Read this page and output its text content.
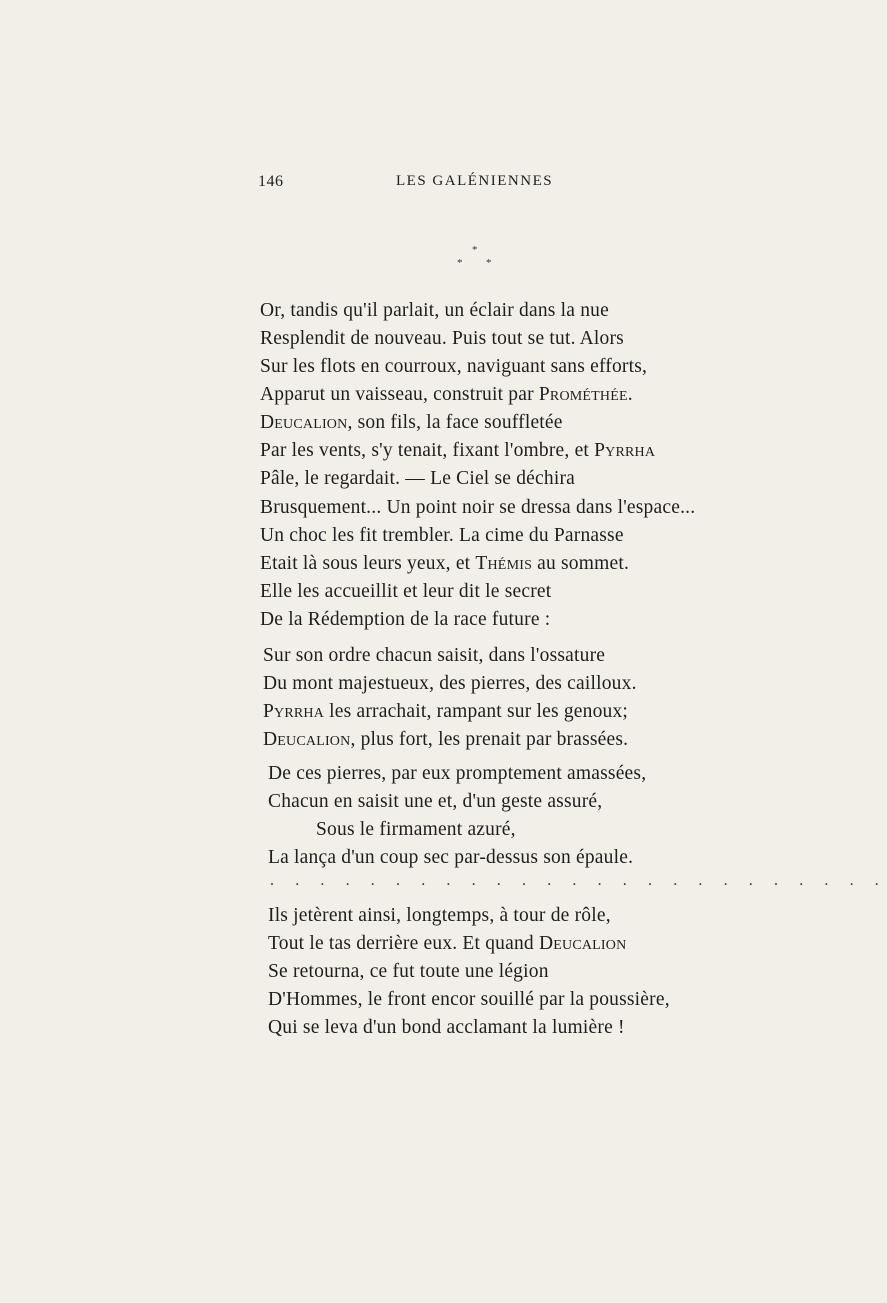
146	LES GALÉNIENNES
*
* *
Or, tandis qu'il parlait, un éclair dans la nue
Resplendit de nouveau. Puis tout se tut. Alors
Sur les flots en courroux, naviguant sans efforts,
Apparut un vaisseau, construit par Prométhée.
Deucalion, son fils, la face souffletée
Par les vents, s'y tenait, fixant l'ombre, et Pyrrha
Pâle, le regardait. — Le Ciel se déchira
Brusquement... Un point noir se dressa dans l'espace...
Un choc les fit trembler. La cime du Parnasse
Etait là sous leurs yeux, et Thémis au sommet.
Elle les accueillit et leur dit le secret
De la Rédemption de la race future :
Sur son ordre chacun saisit, dans l'ossature
Du mont majestueux, des pierres, des cailloux.
Pyrrha les arrachait, rampant sur les genoux;
Deucalion, plus fort, les prenait par brassées.
De ces pierres, par eux promptement amassées,
Chacun en saisit une et, d'un geste assuré,
Sous le firmament azuré,
La lança d'un coup sec par-dessus son épaule.
. . . . . . . . . . . . . . . . . . . . . . . . .
Ils jetèrent ainsi, longtemps, à tour de rôle,
Tout le tas derrière eux. Et quand Deucalion
Se retourna, ce fut toute une légion
D'Hommes, le front encor souillé par la poussière,
Qui se leva d'un bond acclamant la lumière !
